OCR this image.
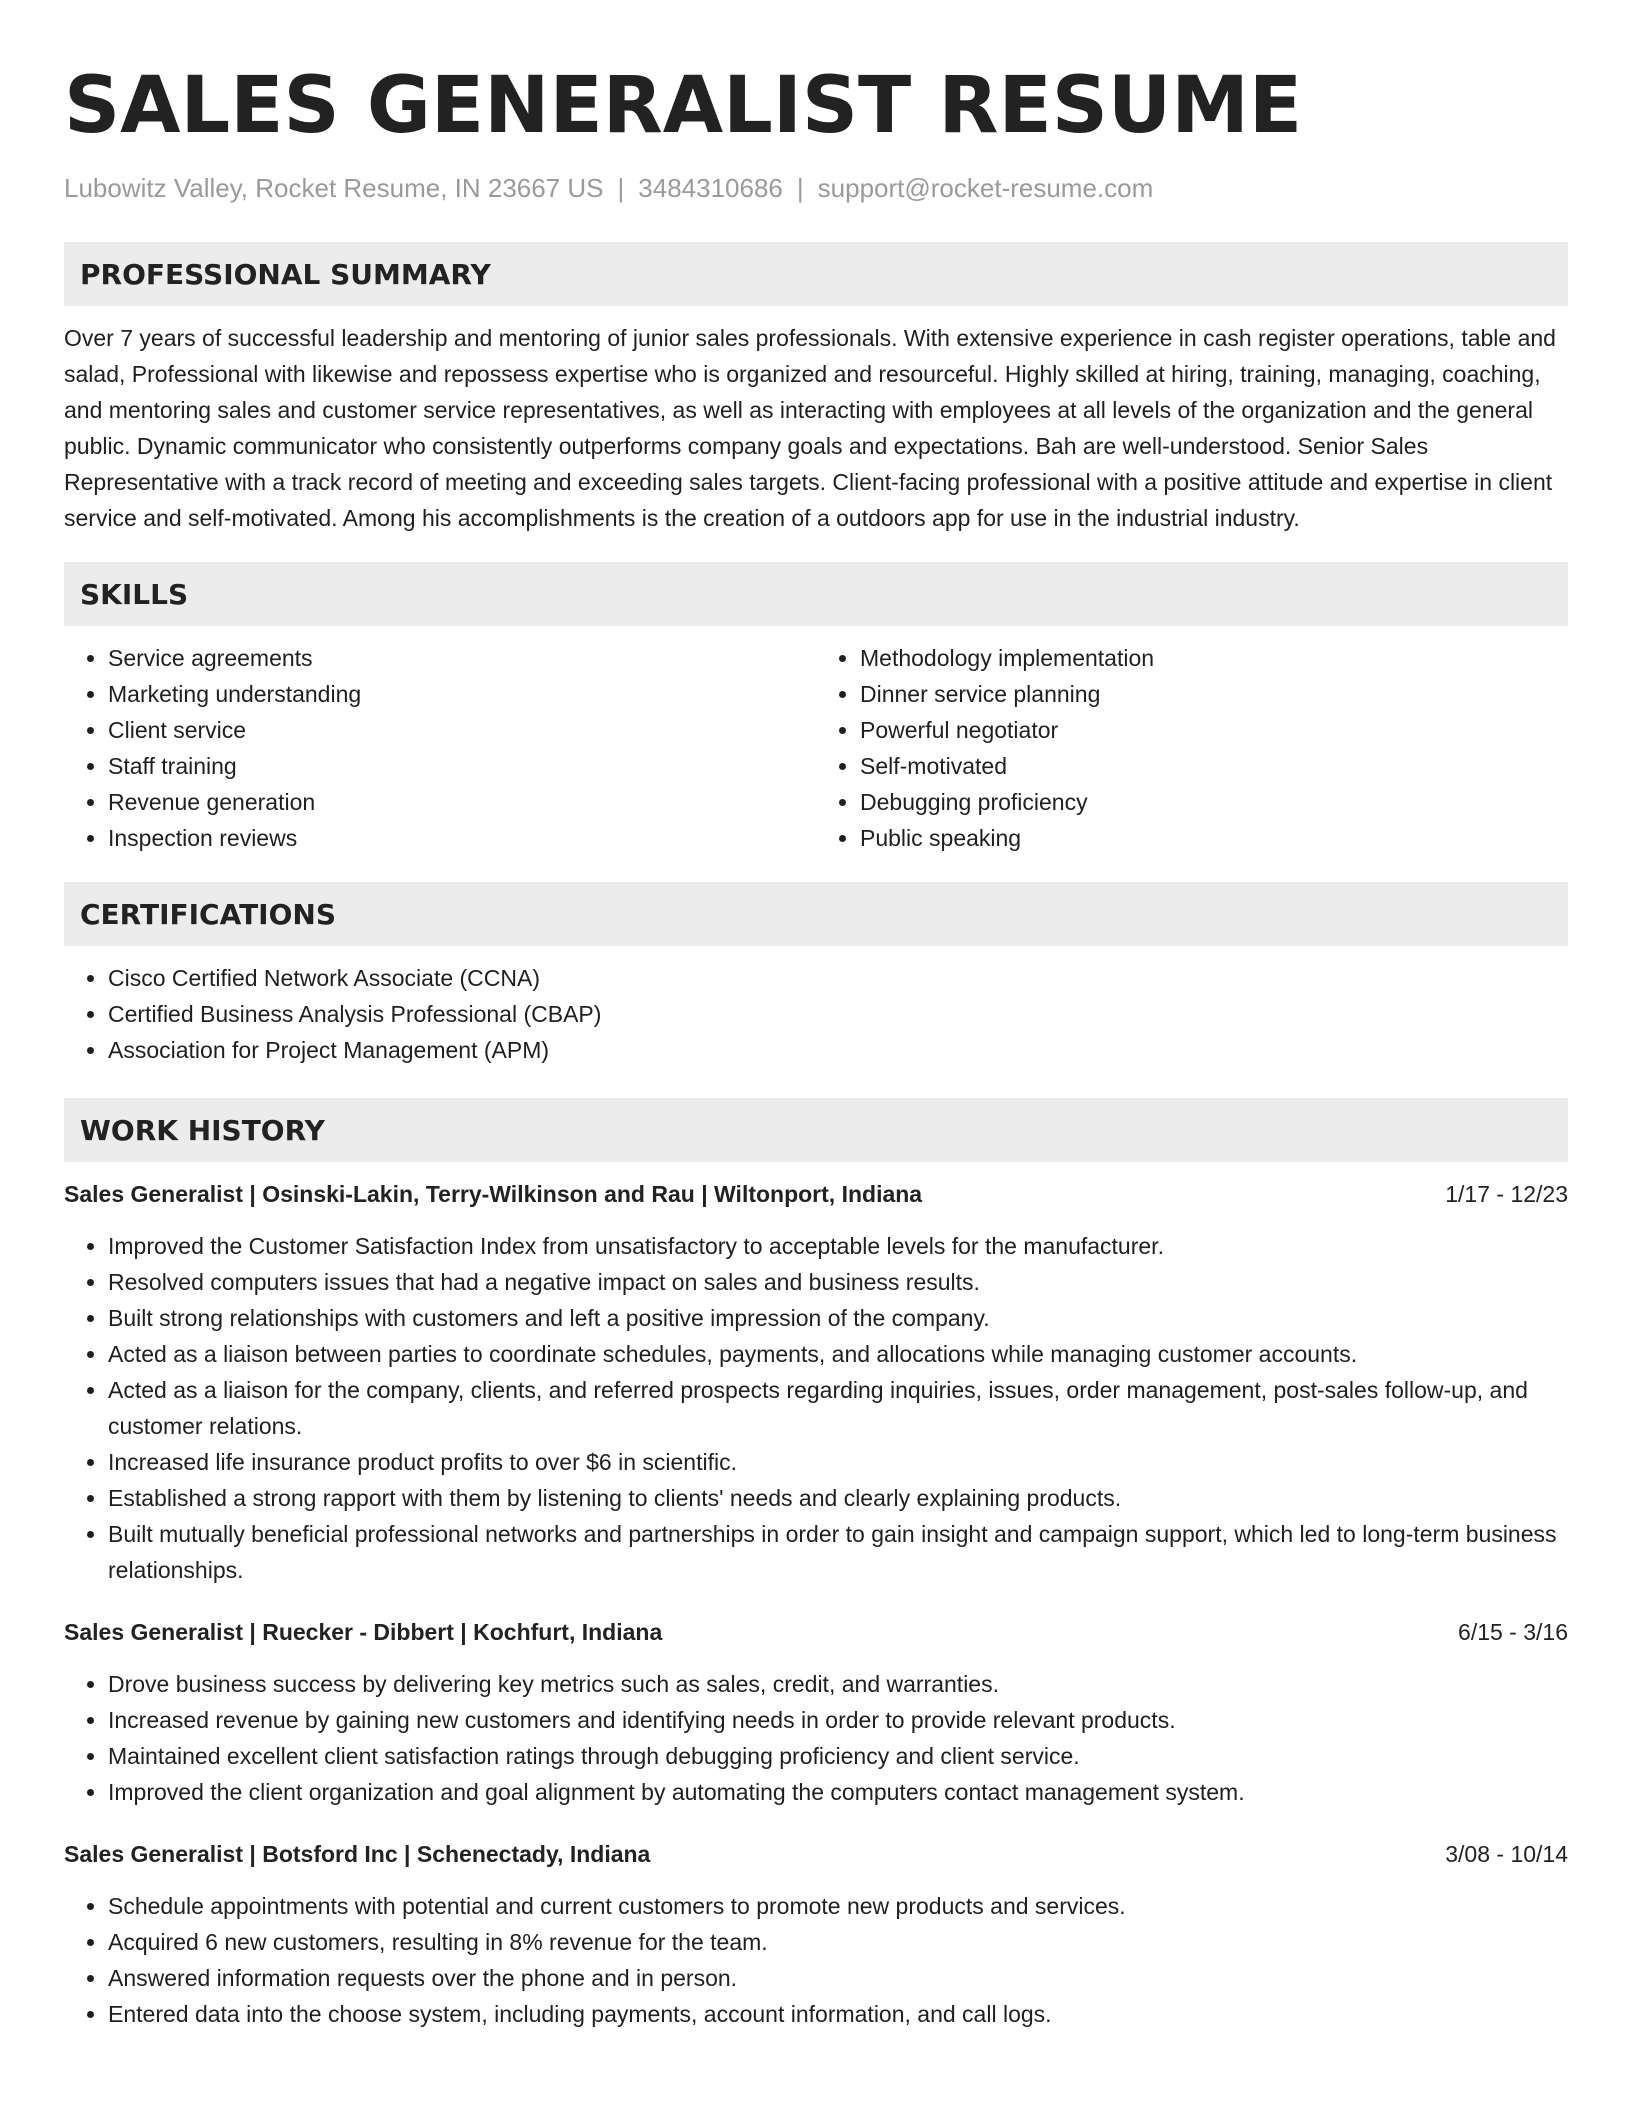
SALES GENERALIST RESUME
Lubowitz Valley, Rocket Resume, IN 23667 US | 3484310686 | support@rocket-resume.com
PROFESSIONAL SUMMARY
Over 7 years of successful leadership and mentoring of junior sales professionals. With extensive experience in cash register operations, table and salad, Professional with likewise and repossess expertise who is organized and resourceful. Highly skilled at hiring, training, managing, coaching, and mentoring sales and customer service representatives, as well as interacting with employees at all levels of the organization and the general public. Dynamic communicator who consistently outperforms company goals and expectations. Bah are well-understood. Senior Sales Representative with a track record of meeting and exceeding sales targets. Client-facing professional with a positive attitude and expertise in client service and self-motivated. Among his accomplishments is the creation of a outdoors app for use in the industrial industry.
SKILLS
• Service agreements
• Marketing understanding
• Client service
• Staff training
• Revenue generation
• Inspection reviews
• Methodology implementation
• Dinner service planning
• Powerful negotiator
• Self-motivated
• Debugging proficiency
• Public speaking
CERTIFICATIONS
• Cisco Certified Network Associate (CCNA)
• Certified Business Analysis Professional (CBAP)
• Association for Project Management (APM)
WORK HISTORY
Sales Generalist | Osinski-Lakin, Terry-Wilkinson and Rau | Wiltonport, Indiana	1/17 - 12/23
• Improved the Customer Satisfaction Index from unsatisfactory to acceptable levels for the manufacturer.
• Resolved computers issues that had a negative impact on sales and business results.
• Built strong relationships with customers and left a positive impression of the company.
• Acted as a liaison between parties to coordinate schedules, payments, and allocations while managing customer accounts.
• Acted as a liaison for the company, clients, and referred prospects regarding inquiries, issues, order management, post-sales follow-up, and customer relations.
• Increased life insurance product profits to over $6 in scientific.
• Established a strong rapport with them by listening to clients' needs and clearly explaining products.
• Built mutually beneficial professional networks and partnerships in order to gain insight and campaign support, which led to long-term business relationships.
Sales Generalist | Ruecker - Dibbert | Kochfurt, Indiana	6/15 - 3/16
• Drove business success by delivering key metrics such as sales, credit, and warranties.
• Increased revenue by gaining new customers and identifying needs in order to provide relevant products.
• Maintained excellent client satisfaction ratings through debugging proficiency and client service.
• Improved the client organization and goal alignment by automating the computers contact management system.
Sales Generalist | Botsford Inc | Schenectady, Indiana	3/08 - 10/14
• Schedule appointments with potential and current customers to promote new products and services.
• Acquired 6 new customers, resulting in 8% revenue for the team.
• Answered information requests over the phone and in person.
• Entered data into the choose system, including payments, account information, and call logs.
